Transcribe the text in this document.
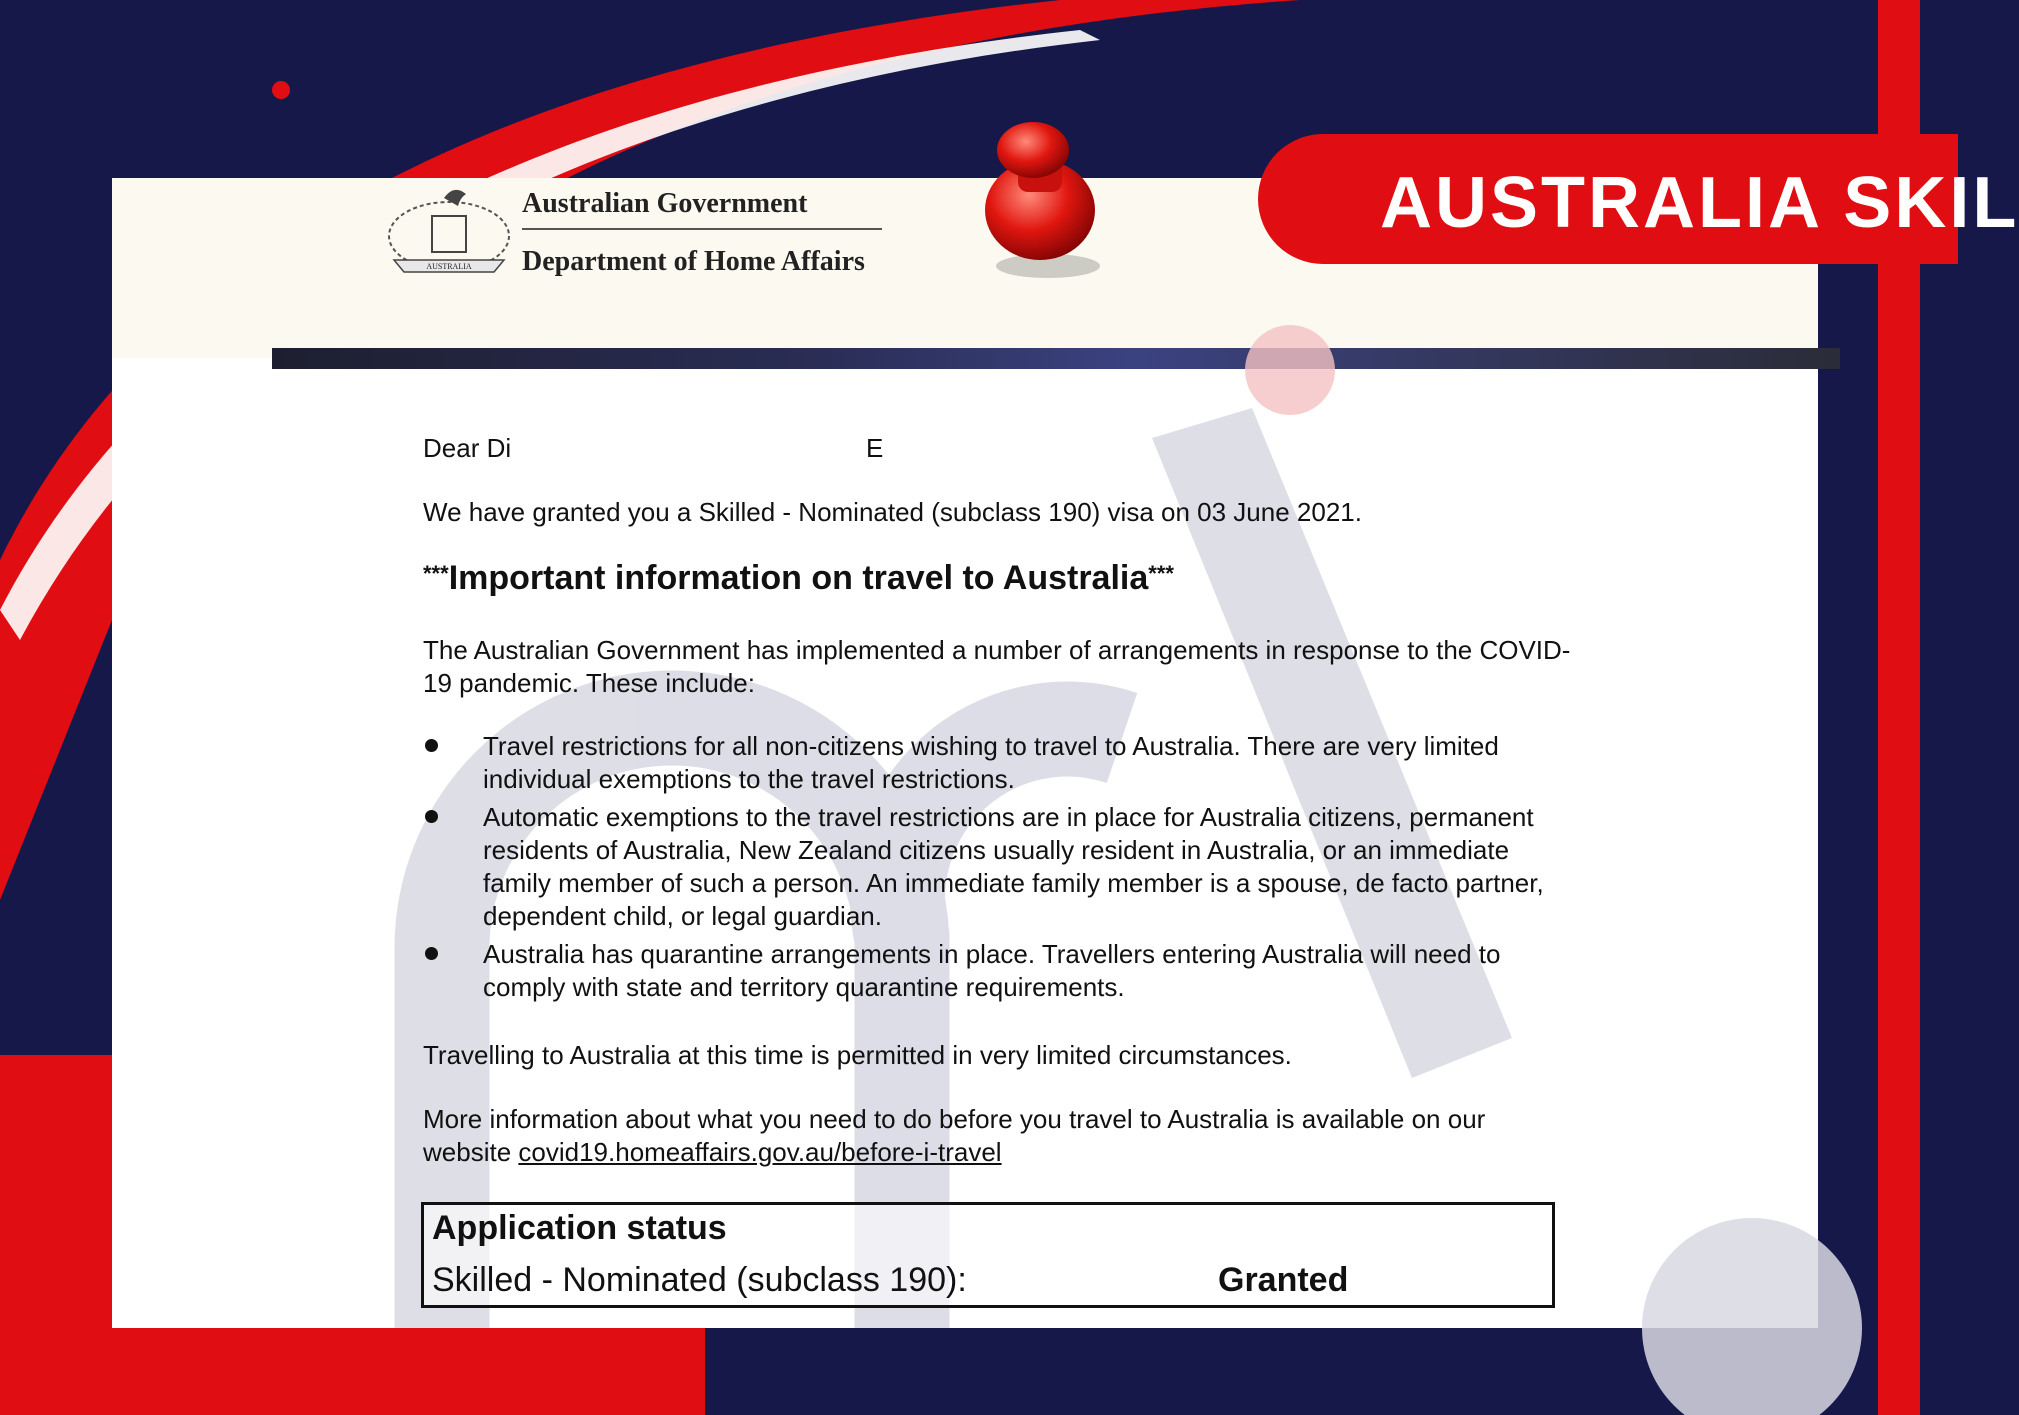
AUSTRALIA
Australian Government
Department of Home Affairs
Dear Di	E
We have granted you a Skilled - Nominated (subclass 190) visa on 03 June 2021.
***Important information on travel to Australia***
The Australian Government has implemented a number of arrangements in response to the COVID-19 pandemic. These include:
Travel restrictions for all non-citizens wishing to travel to Australia. There are very limited individual exemptions to the travel restrictions.
Automatic exemptions to the travel restrictions are in place for Australia citizens, permanent residents of Australia, New Zealand citizens usually resident in Australia, or an immediate family member of such a person. An immediate family member is a spouse, de facto partner, dependent child, or legal guardian.
Australia has quarantine arrangements in place. Travellers entering Australia will need to comply with state and territory quarantine requirements.
Travelling to Australia at this time is permitted in very limited circumstances.
More information about what you need to do before you travel to Australia is available on our website covid19.homeaffairs.gov.au/before-i-travel
Application status
Skilled - Nominated (subclass 190):	Granted
AUSTRALIA SKIL
